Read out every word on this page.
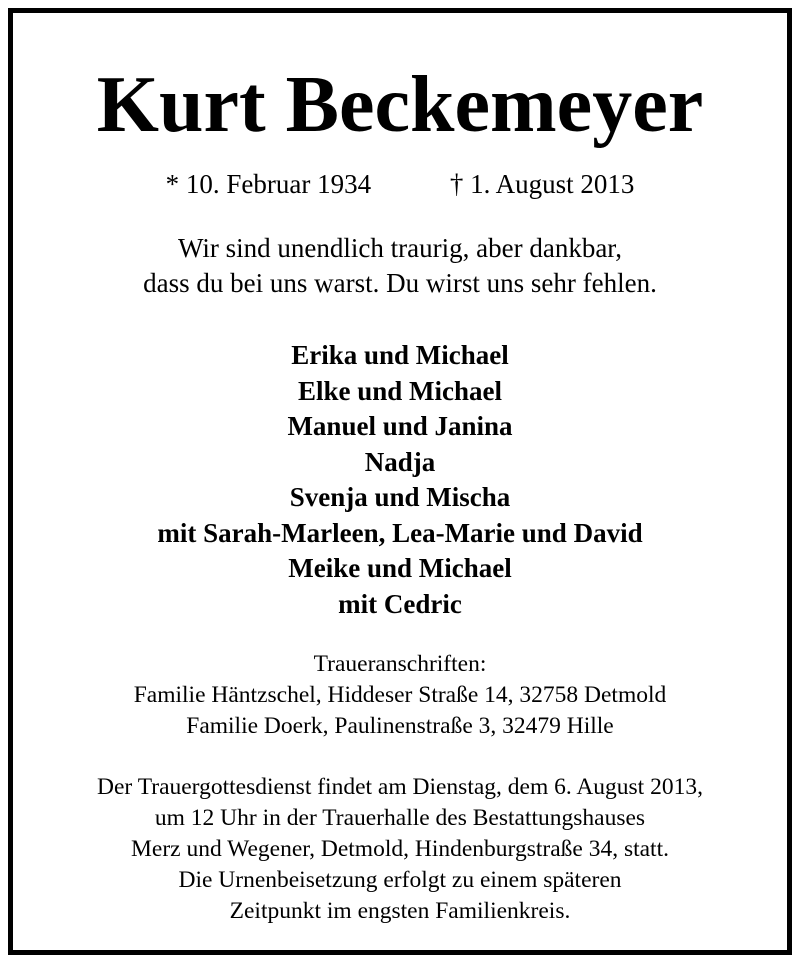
Kurt Beckemeyer
* 10. Februar 1934	† 1. August 2013
Wir sind unendlich traurig, aber dankbar,
dass du bei uns warst. Du wirst uns sehr fehlen.
Erika und Michael
Elke und Michael
Manuel und Janina
Nadja
Svenja und Mischa
mit Sarah-Marleen, Lea-Marie und David
Meike und Michael
mit Cedric
Traueranschriften:
Familie Häntzschel, Hiddeser Straße 14, 32758 Detmold
Familie Doerk, Paulinenstraße 3, 32479 Hille
Der Trauergottesdienst findet am Dienstag, dem 6. August 2013,
um 12 Uhr in der Trauerhalle des Bestattungshauses
Merz und Wegener, Detmold, Hindenburgstraße 34, statt.
Die Urnenbeisetzung erfolgt zu einem späteren
Zeitpunkt im engsten Familienkreis.
